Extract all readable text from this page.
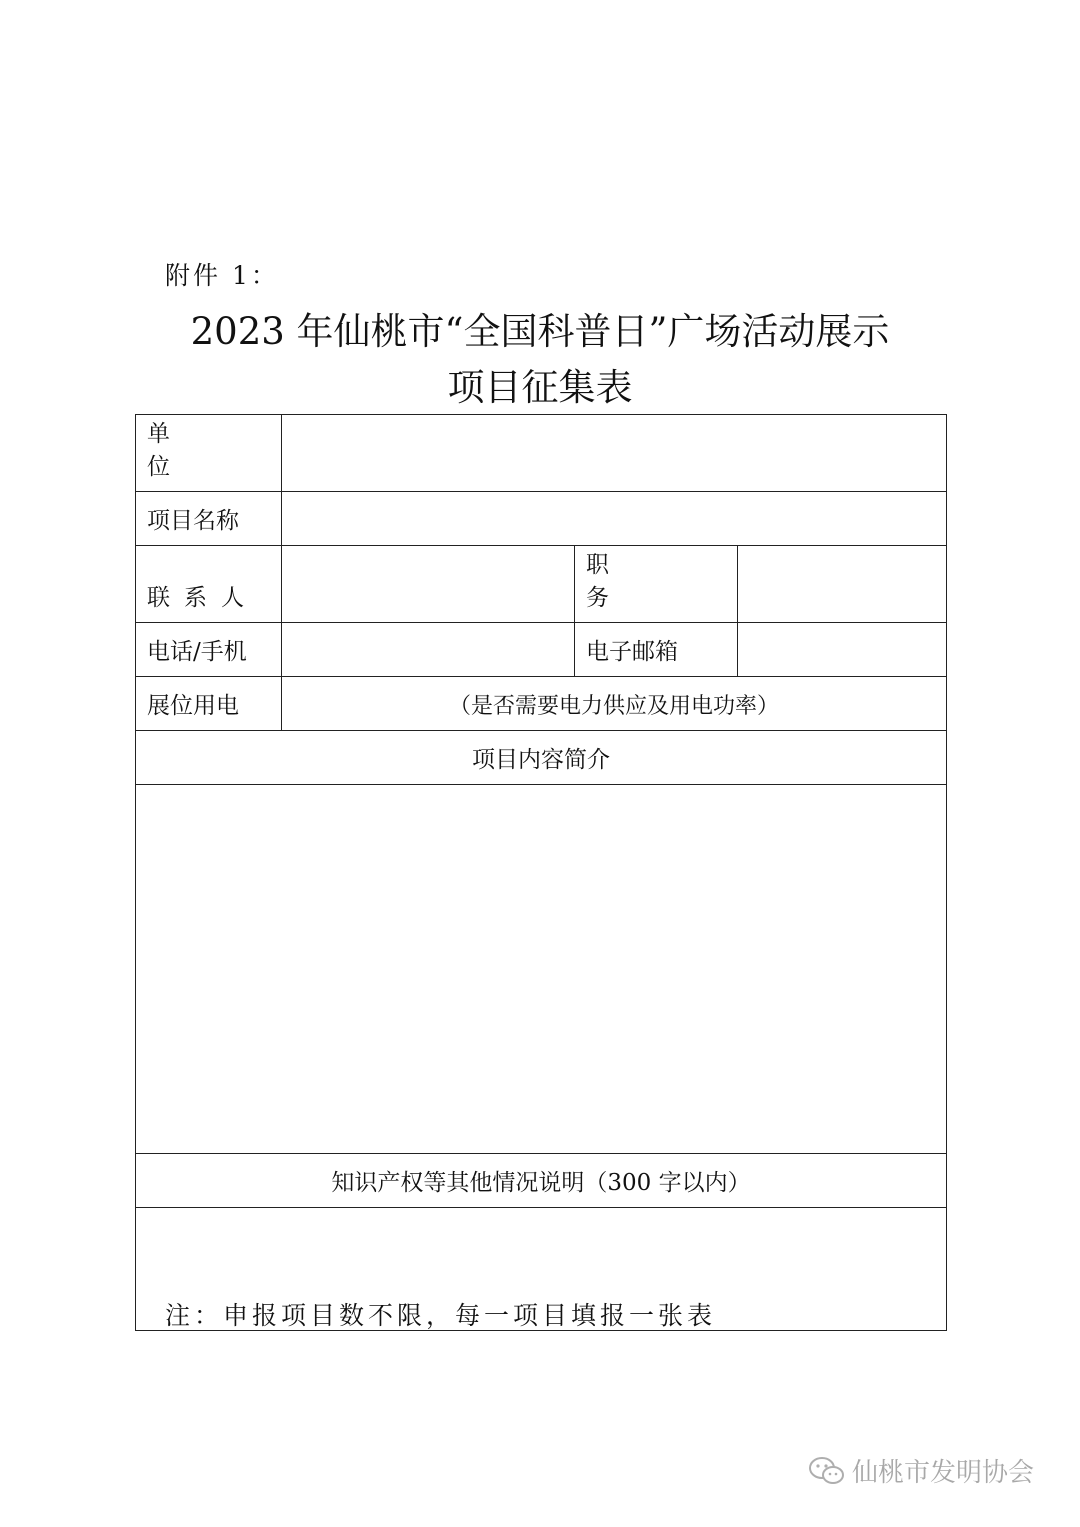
附件 1：
2023 年仙桃市“全国科普日”广场活动展示
项目征集表
单位			
项目名称			
联系人		职务	
电话/手机		电子邮箱	
展位用电	（是否需要电力供应及用电功率）		
项目内容简介			

知识产权等其他情况说明（300 字以内）			

注：申报项目数不限，每一项目填报一张表
仙桃市发明协会
